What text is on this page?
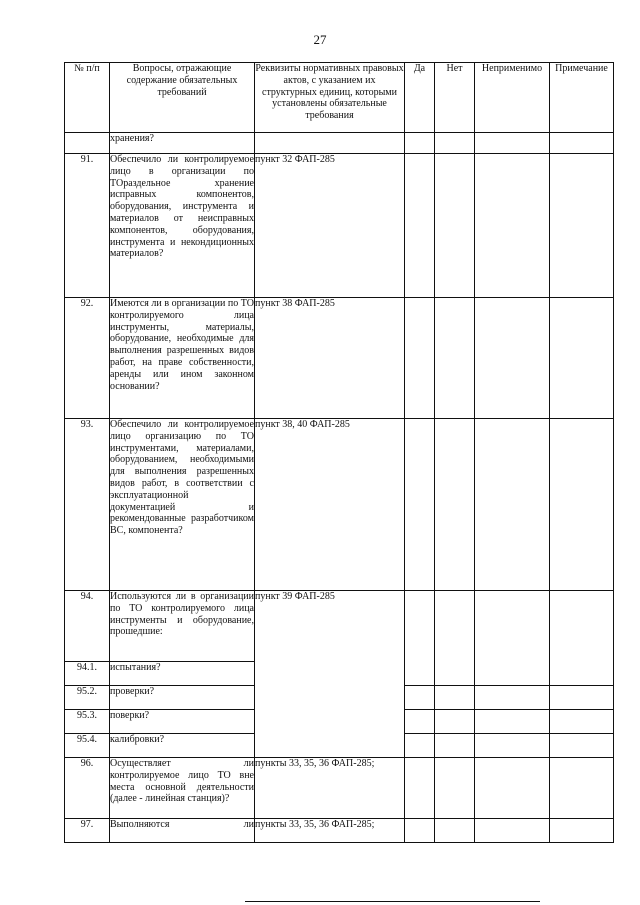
27
№ п/п	Вопросы, отражающие содержание обязательных требований	Реквизиты нормативных правовых актов, с указанием их структурных единиц, которыми установлены обязательные требования	Да	Нет	Неприменимо	Примечание
	хранения?					
91.	Обеспечило ли контролируемое лицо в организации по ТОраздельное хранение исправных компонентов, оборудования, инструмента и материалов от неисправных компонентов, оборудования, инструмента и некондиционных материалов?	пункт 32 ФАП-285				
92.	Имеются ли в организации по ТО контролируемого лица инструменты, материалы, оборудование, необходимые для выполнения разрешенных видов работ, на праве собственности, аренды или ином законном основании?	пункт 38 ФАП-285				
93.	Обеспечило ли контролируемое лицо организацию по ТО инструментами, материалами, оборудованием, необходимыми для выполнения разрешенных видов работ, в соответствии с эксплуатационной документацией и рекомендованные разработчиком ВС, компонента?	пункт 38, 40 ФАП-285				
94.	Используются ли в организации по ТО контролируемого лица инструменты и оборудование, прошедшие:	пункт 39 ФАП-285				
94.1.	испытания?					
95.2.	проверки?					
95.3.	поверки?					
95.4.	калибровки?					
96.	Осуществляет ли контролируемое лицо ТО вне места основной деятельности (далее - линейная станция)?	пункты 33, 35, 36 ФАП-285;				
97.	Выполняются ли	пункты 33, 35, 36 ФАП-285;				
